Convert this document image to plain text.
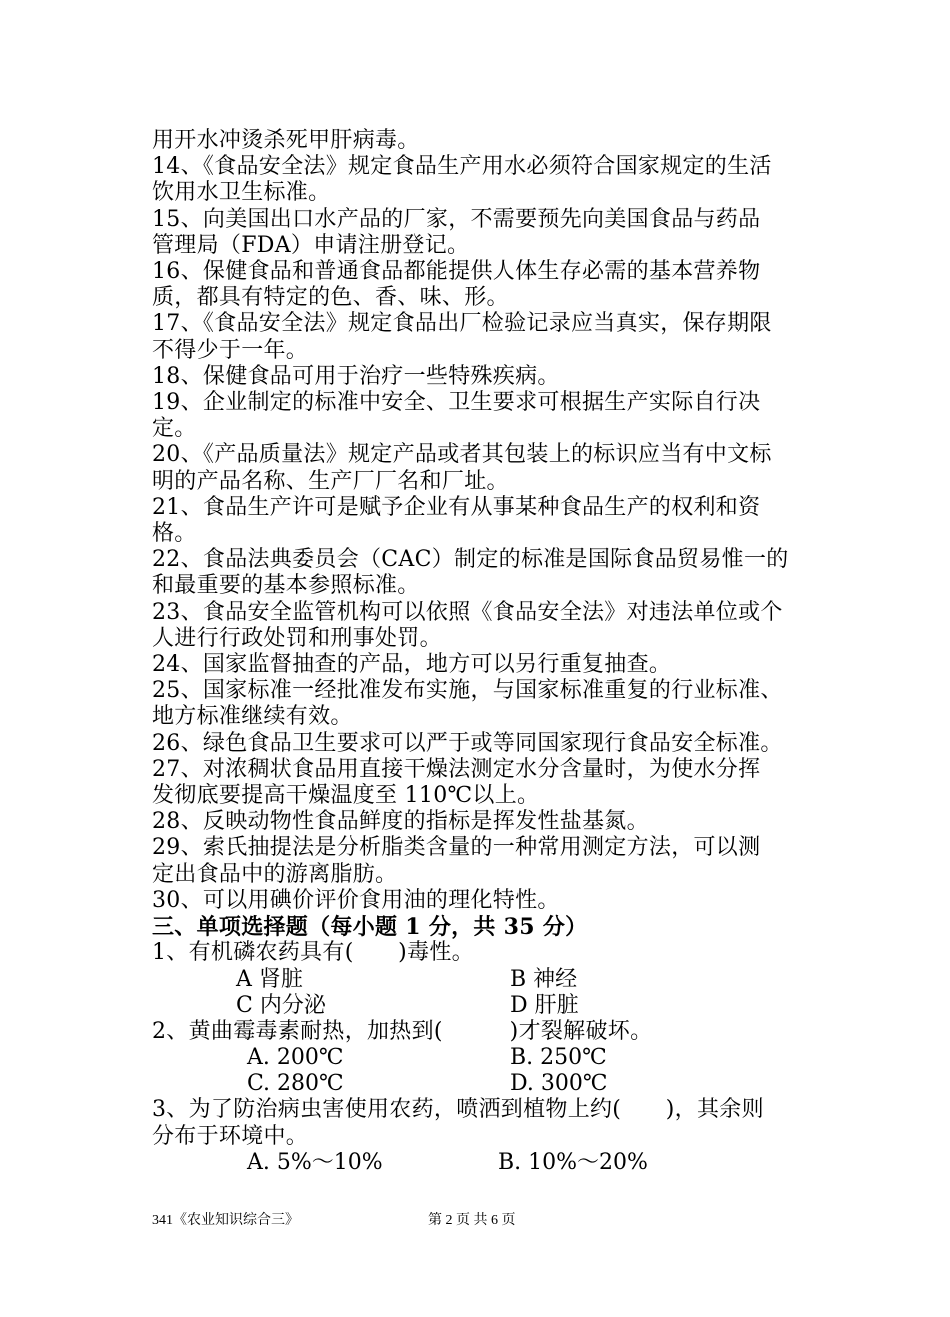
用开水冲烫杀死甲肝病毒。
14、《食品安全法》规定食品生产用水必须符合国家规定的生活
饮用水卫生标准。
15、向美国出口水产品的厂家，不需要预先向美国食品与药品
管理局（FDA）申请注册登记。
16、保健食品和普通食品都能提供人体生存必需的基本营养物
质，都具有特定的色、香、味、形。
17、《食品安全法》规定食品出厂检验记录应当真实，保存期限
不得少于一年。
18、保健食品可用于治疗一些特殊疾病。
19、企业制定的标准中安全、卫生要求可根据生产实际自行决
定。
20、《产品质量法》规定产品或者其包装上的标识应当有中文标
明的产品名称、生产厂厂名和厂址。
21、食品生产许可是赋予企业有从事某种食品生产的权利和资
格。
22、食品法典委员会（CAC）制定的标准是国际食品贸易惟一的
和最重要的基本参照标准。
23、食品安全监管机构可以依照《食品安全法》对违法单位或个
人进行行政处罚和刑事处罚。
24、国家监督抽查的产品，地方可以另行重复抽查。
25、国家标准一经批准发布实施，与国家标准重复的行业标准、
地方标准继续有效。
26、绿色食品卫生要求可以严于或等同国家现行食品安全标准。
27、对浓稠状食品用直接干燥法测定水分含量时，为使水分挥
发彻底要提高干燥温度至 110℃以上。
28、反映动物性食品鲜度的指标是挥发性盐基氮。
29、索氏抽提法是分析脂类含量的一种常用测定方法，可以测
定出食品中的游离脂肪。
30、可以用碘价评价食用油的理化特性。
三、单项选择题（每小题 1 分，共 35 分）
1、有机磷农药具有(　　)毒性。
A 肾脏	B 神经
C 内分泌	D 肝脏
2、黄曲霉毒素耐热，加热到(　　　)才裂解破坏。
A. 200℃	B. 250℃
C. 280℃	D. 300℃
3、为了防治病虫害使用农药，喷洒到植物上约(　　)，其余则
分布于环境中。
A. 5%～10%	B. 10%～20%
341《农业知识综合三》	第 2 页 共 6 页
